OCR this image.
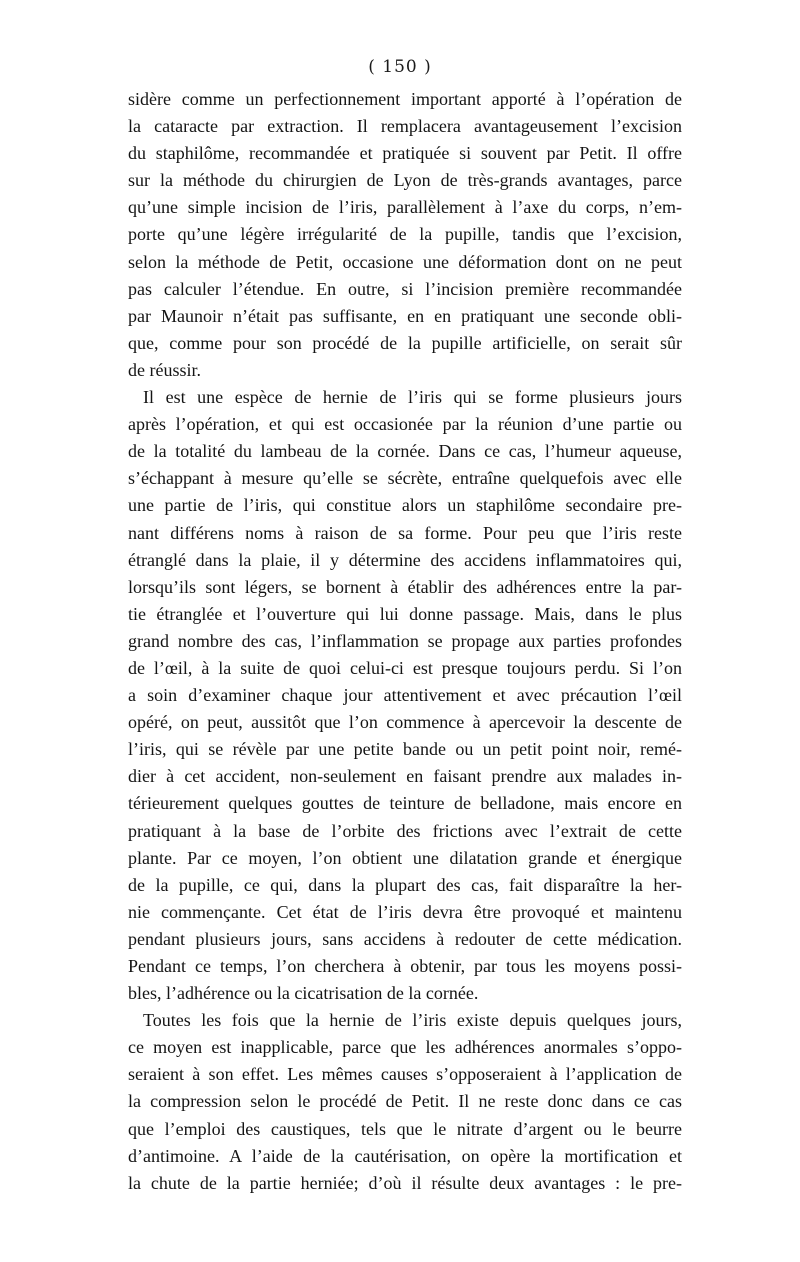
( 150 )

sidère comme un perfectionnement important apporté à l’opération de
la cataracte par extraction. Il remplacera avantageusement l’excision
du staphilôme, recommandée et pratiquée si souvent par Petit. Il offre
sur la méthode du chirurgien de Lyon de très-grands avantages, parce
qu’une simple incision de l’iris, parallèlement à l’axe du corps, n’em-
porte qu’une légère irrégularité de la pupille, tandis que l’excision,
selon la méthode de Petit, occasione une déformation dont on ne peut
pas calculer l’étendue. En outre, si l’incision première recommandée
par Maunoir n’était pas suffisante, en en pratiquant une seconde obli-
que, comme pour son procédé de la pupille artificielle, on serait sûr
de réussir.

Il est une espèce de hernie de l’iris qui se forme plusieurs jours
après l’opération, et qui est occasionée par la réunion d’une partie ou
de la totalité du lambeau de la cornée. Dans ce cas, l’humeur aqueuse,
s’échappant à mesure qu’elle se sécrète, entraîne quelquefois avec elle
une partie de l’iris, qui constitue alors un staphilôme secondaire pre-
nant différens noms à raison de sa forme. Pour peu que l’iris reste
étranglé dans la plaie, il y détermine des accidens inflammatoires qui,
lorsqu’ils sont légers, se bornent à établir des adhérences entre la par-
tie étranglée et l’ouverture qui lui donne passage. Mais, dans le plus
grand nombre des cas, l’inflammation se propage aux parties profondes
de l’œil, à la suite de quoi celui-ci est presque toujours perdu. Si l’on
a soin d’examiner chaque jour attentivement et avec précaution l’œil
opéré, on peut, aussitôt que l’on commence à apercevoir la descente de
l’iris, qui se révèle par une petite bande ou un petit point noir, remé-
dier à cet accident, non-seulement en faisant prendre aux malades in-
térieurement quelques gouttes de teinture de belladone, mais encore en
pratiquant à la base de l’orbite des frictions avec l’extrait de cette
plante. Par ce moyen, l’on obtient une dilatation grande et énergique
de la pupille, ce qui, dans la plupart des cas, fait disparaître la her-
nie commençante. Cet état de l’iris devra être provoqué et maintenu
pendant plusieurs jours, sans accidens à redouter de cette médication.
Pendant ce temps, l’on cherchera à obtenir, par tous les moyens possi-
bles, l’adhérence ou la cicatrisation de la cornée.

Toutes les fois que la hernie de l’iris existe depuis quelques jours,
ce moyen est inapplicable, parce que les adhérences anormales s’oppo-
seraient à son effet. Les mêmes causes s’opposeraient à l’application de
la compression selon le procédé de Petit. Il ne reste donc dans ce cas
que l’emploi des caustiques, tels que le nitrate d’argent ou le beurre
d’antimoine. A l’aide de la cautérisation, on opère la mortification et
la chute de la partie herniée; d’où il résulte deux avantages : le pre-
